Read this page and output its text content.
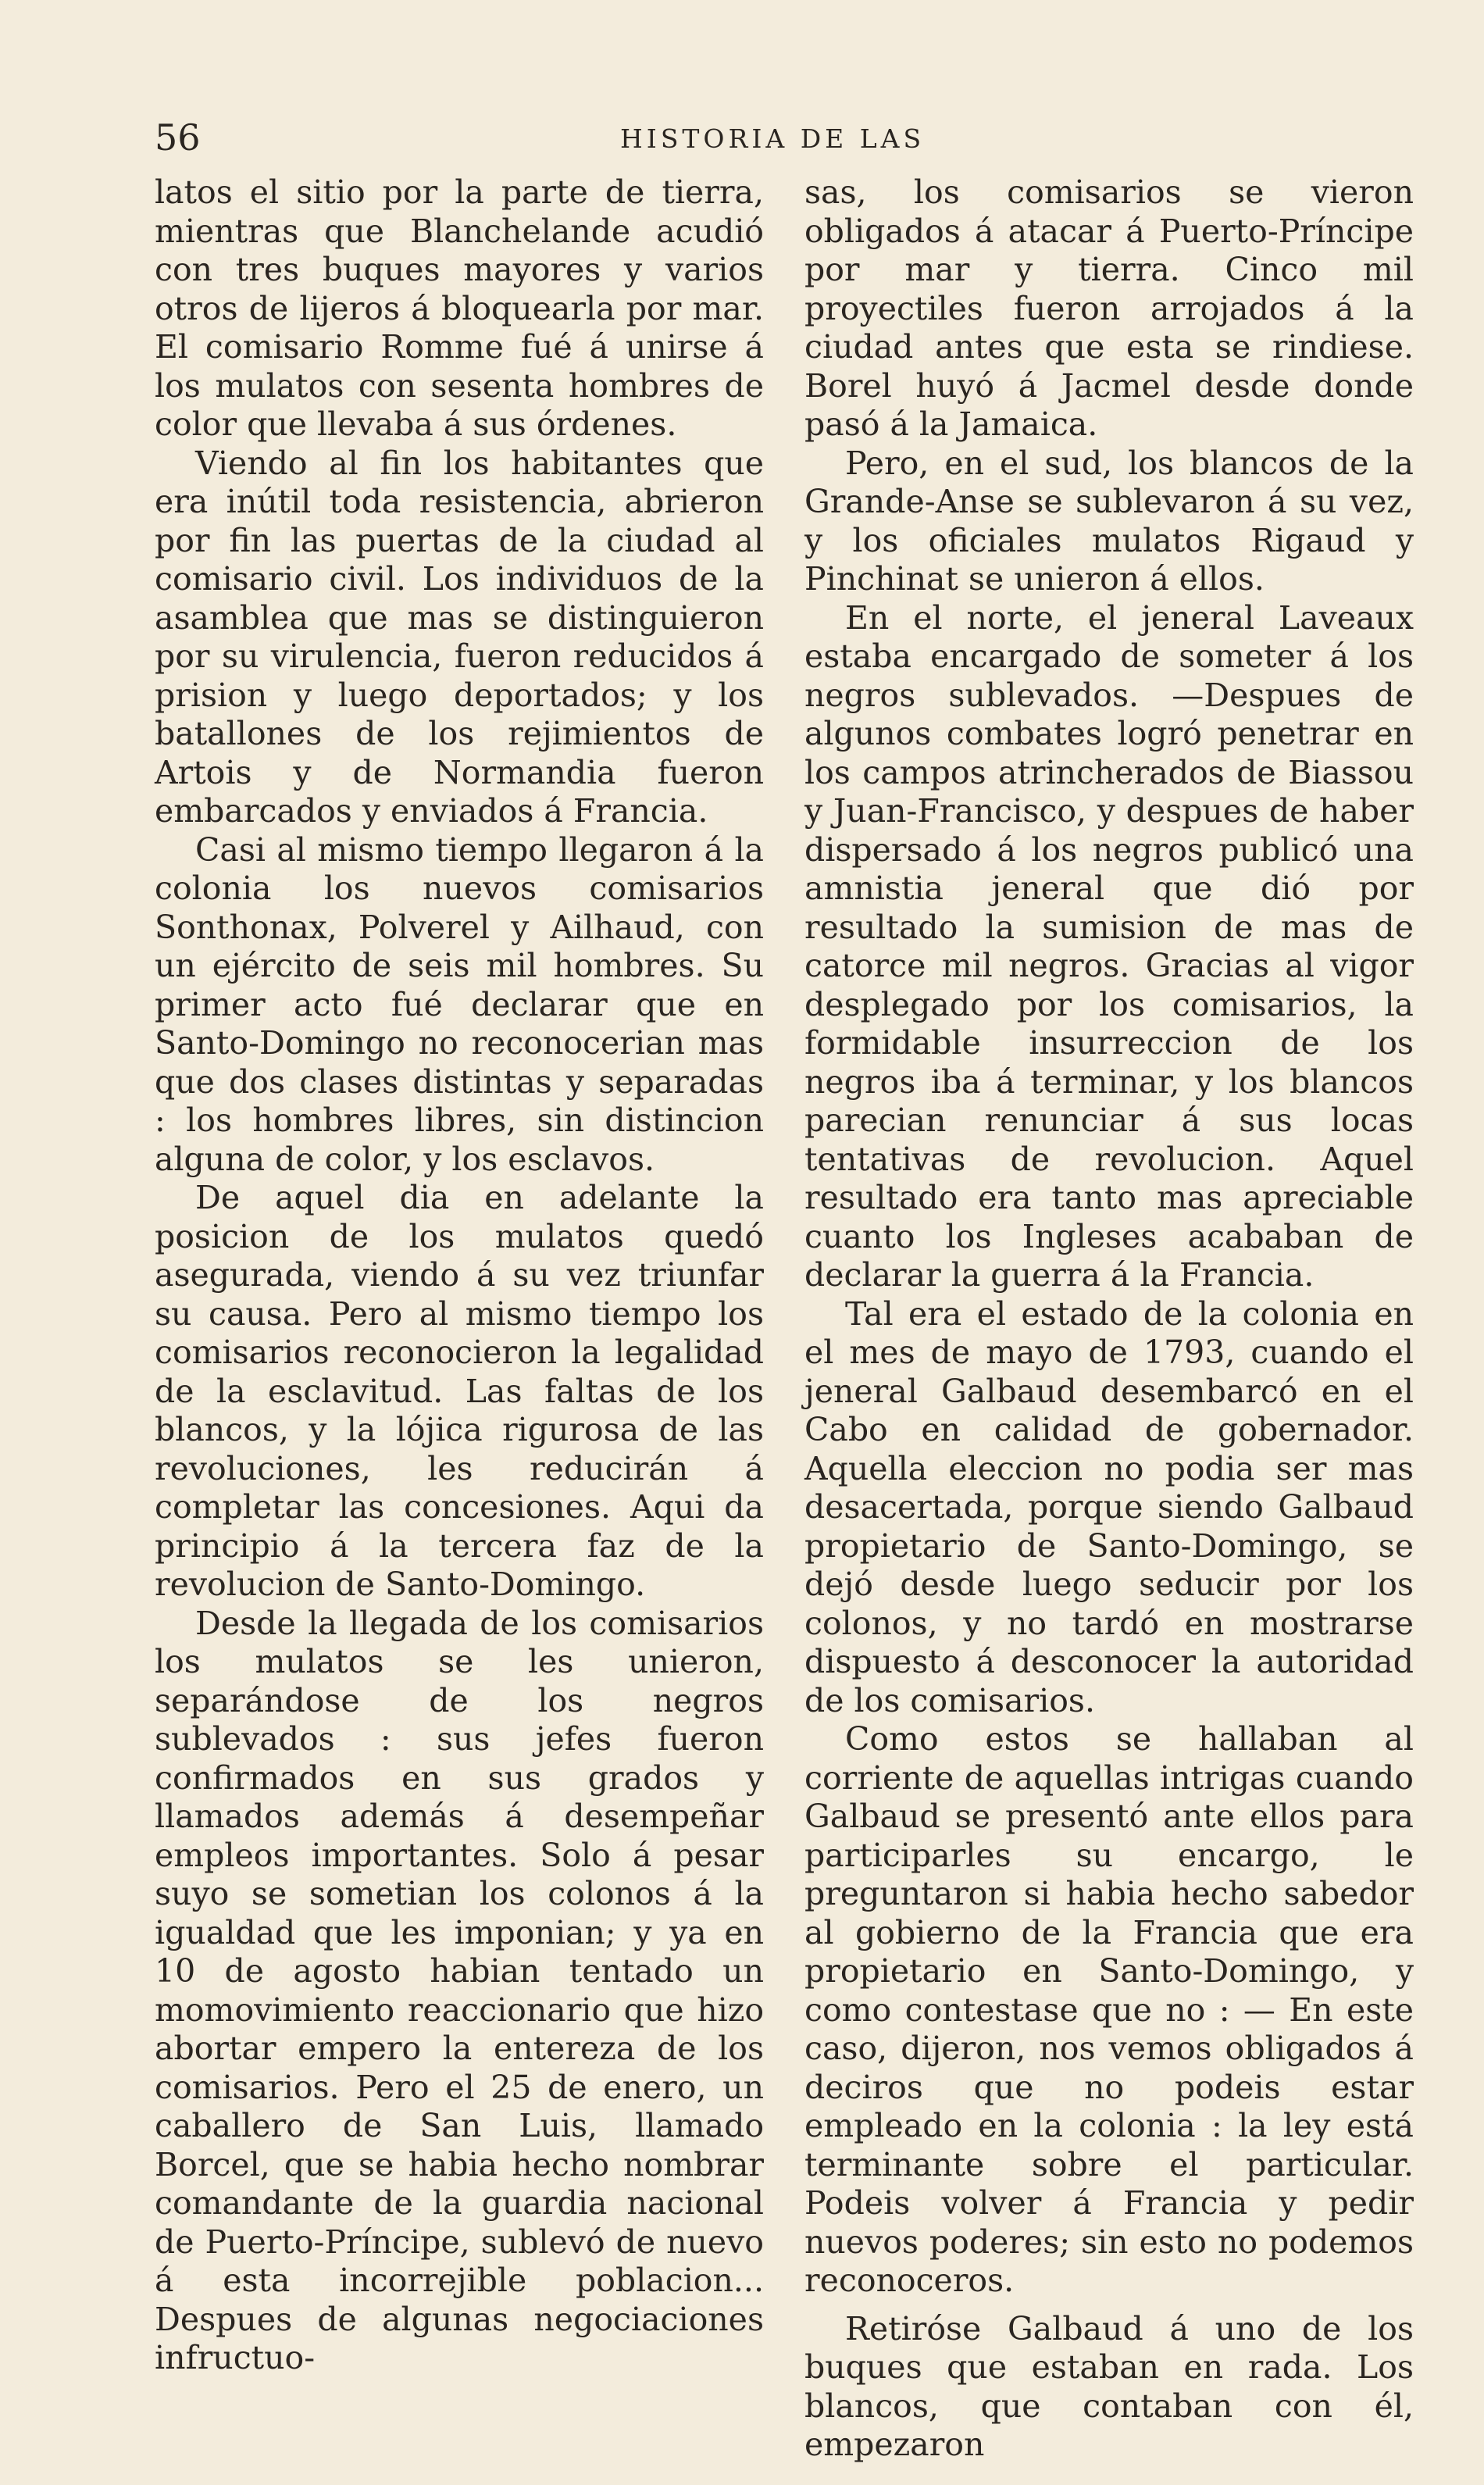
56	HISTORIA DE LAS

latos el sitio por la parte de tierra, mientras que Blanchelande acudió con tres buques mayores y varios otros de lijeros á bloquearla por mar. El comisario Romme fué á unirse á los mulatos con sesenta hombres de color que llevaba á sus órdenes.

Viendo al fin los habitantes que era inútil toda resistencia, abrieron por fin las puertas de la ciudad al comisario civil. Los individuos de la asamblea que mas se distinguieron por su virulencia, fueron reducidos á prision y luego deportados; y los batallones de los rejimientos de Artois y de Normandia fueron embarcados y enviados á Francia.

Casi al mismo tiempo llegaron á la colonia los nuevos comisarios Sonthonax, Polverel y Ailhaud, con un ejército de seis mil hombres. Su primer acto fué declarar que en Santo-Domingo no reconocerian mas que dos clases distintas y separadas : los hombres libres, sin distincion alguna de color, y los esclavos.

De aquel dia en adelante la posicion de los mulatos quedó asegurada, viendo á su vez triunfar su causa. Pero al mismo tiempo los comisarios reconocieron la legalidad de la esclavitud. Las faltas de los blancos, y la lójica rigurosa de las revoluciones, les reducirán á completar las concesiones. Aqui da principio á la tercera faz de la revolucion de Santo-Domingo.

Desde la llegada de los comisarios los mulatos se les unieron, separándose de los negros sublevados : sus jefes fueron confirmados en sus grados y llamados además á desempeñar empleos importantes. Solo á pesar suyo se sometian los colonos á la igualdad que les imponian; y ya en 10 de agosto habian tentado un momovimiento reaccionario que hizo abortar empero la entereza de los comisarios. Pero el 25 de enero, un caballero de San Luis, llamado Borcel, que se habia hecho nombrar comandante de la guardia nacional de Puerto-Príncipe, sublevó de nuevo á esta incorrejible poblacion... Despues de algunas negociaciones infructuo-

sas, los comisarios se vieron obligados á atacar á Puerto-Príncipe por mar y tierra. Cinco mil proyectiles fueron arrojados á la ciudad antes que esta se rindiese. Borel huyó á Jacmel desde donde pasó á la Jamaica.

Pero, en el sud, los blancos de la Grande-Anse se sublevaron á su vez, y los oficiales mulatos Rigaud y Pinchinat se unieron á ellos.

En el norte, el jeneral Laveaux estaba encargado de someter á los negros sublevados. —Despues de algunos combates logró penetrar en los campos atrincherados de Biassou y Juan-Francisco, y despues de haber dispersado á los negros publicó una amnistia jeneral que dió por resultado la sumision de mas de catorce mil negros. Gracias al vigor desplegado por los comisarios, la formidable insurreccion de los negros iba á terminar, y los blancos parecian renunciar á sus locas tentativas de revolucion. Aquel resultado era tanto mas apreciable cuanto los Ingleses acababan de declarar la guerra á la Francia.

Tal era el estado de la colonia en el mes de mayo de 1793, cuando el jeneral Galbaud desembarcó en el Cabo en calidad de gobernador. Aquella eleccion no podia ser mas desacertada, porque siendo Galbaud propietario de Santo-Domingo, se dejó desde luego seducir por los colonos, y no tardó en mostrarse dispuesto á desconocer la autoridad de los comisarios.

Como estos se hallaban al corriente de aquellas intrigas cuando Galbaud se presentó ante ellos para participarles su encargo, le preguntaron si habia hecho sabedor al gobierno de la Francia que era propietario en Santo-Domingo, y como contestase que no : — En este caso, dijeron, nos vemos obligados á deciros que no podeis estar empleado en la colonia : la ley está terminante sobre el particular. Podeis volver á Francia y pedir nuevos poderes; sin esto no podemos reconoceros.

Retiróse Galbaud á uno de los buques que estaban en rada. Los blancos, que contaban con él, empezaron
